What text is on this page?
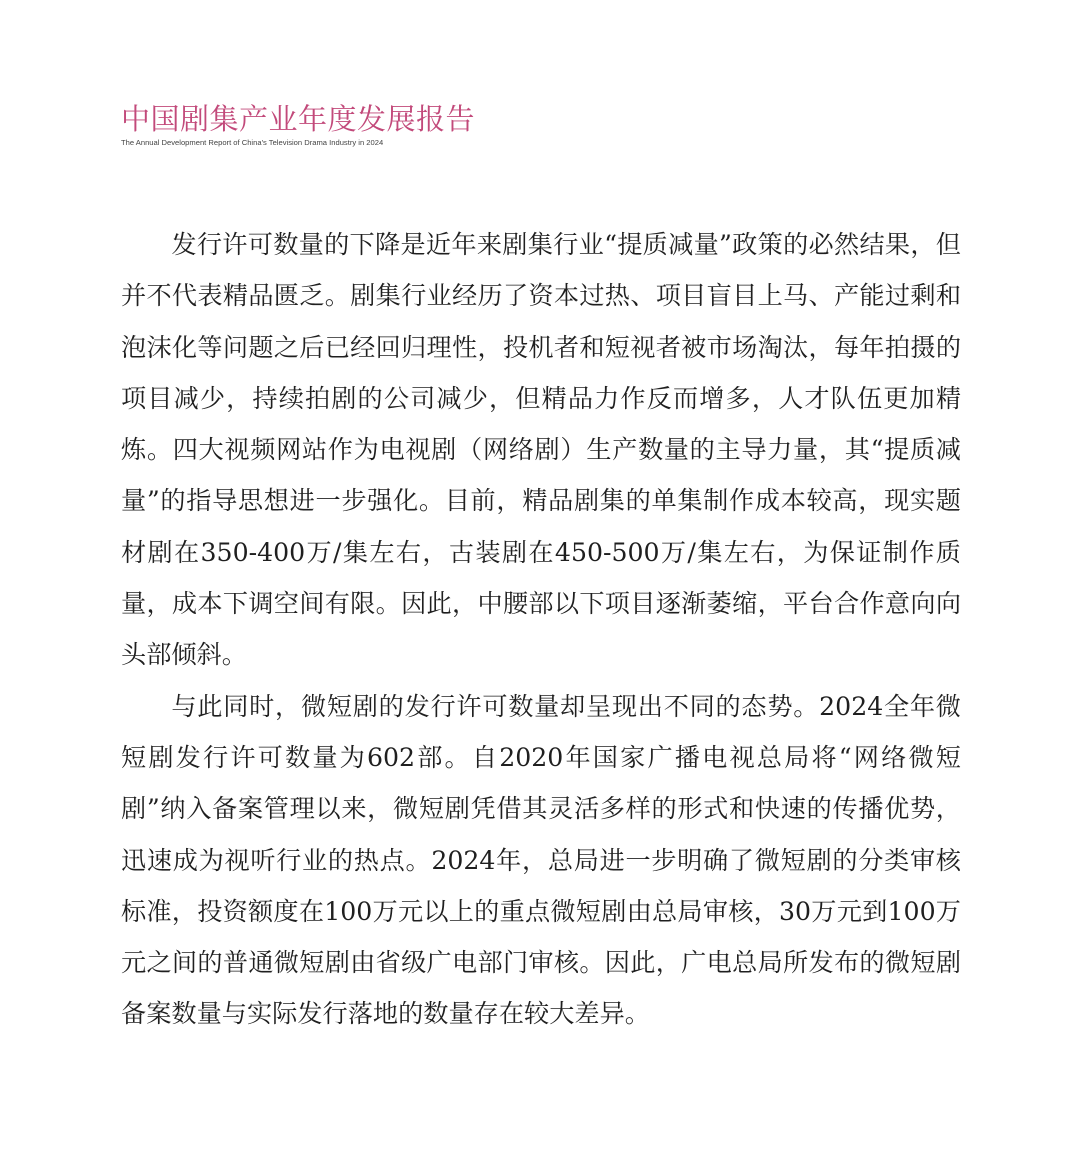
中国剧集产业年度发展报告
The Annual Development Report of China's Television Drama Industry in 2024

发行许可数量的下降是近年来剧集行业“提质减量”政策的必然结果，但并不代表精品匮乏。剧集行业经历了资本过热、项目盲目上马、产能过剩和泡沫化等问题之后已经回归理性，投机者和短视者被市场淘汰，每年拍摄的项目减少，持续拍剧的公司减少，但精品力作反而增多，人才队伍更加精炼。四大视频网站作为电视剧（网络剧）生产数量的主导力量，其“提质减量”的指导思想进一步强化。目前，精品剧集的单集制作成本较高，现实题材剧在350-400万/集左右，古装剧在450-500万/集左右，为保证制作质量，成本下调空间有限。因此，中腰部以下项目逐渐萎缩，平台合作意向向头部倾斜。

与此同时，微短剧的发行许可数量却呈现出不同的态势。2024全年微短剧发行许可数量为602部。自2020年国家广播电视总局将“网络微短剧”纳入备案管理以来，微短剧凭借其灵活多样的形式和快速的传播优势，迅速成为视听行业的热点。2024年，总局进一步明确了微短剧的分类审核标准，投资额度在100万元以上的重点微短剧由总局审核，30万元到100万元之间的普通微短剧由省级广电部门审核。因此，广电总局所发布的微短剧备案数量与实际发行落地的数量存在较大差异。
